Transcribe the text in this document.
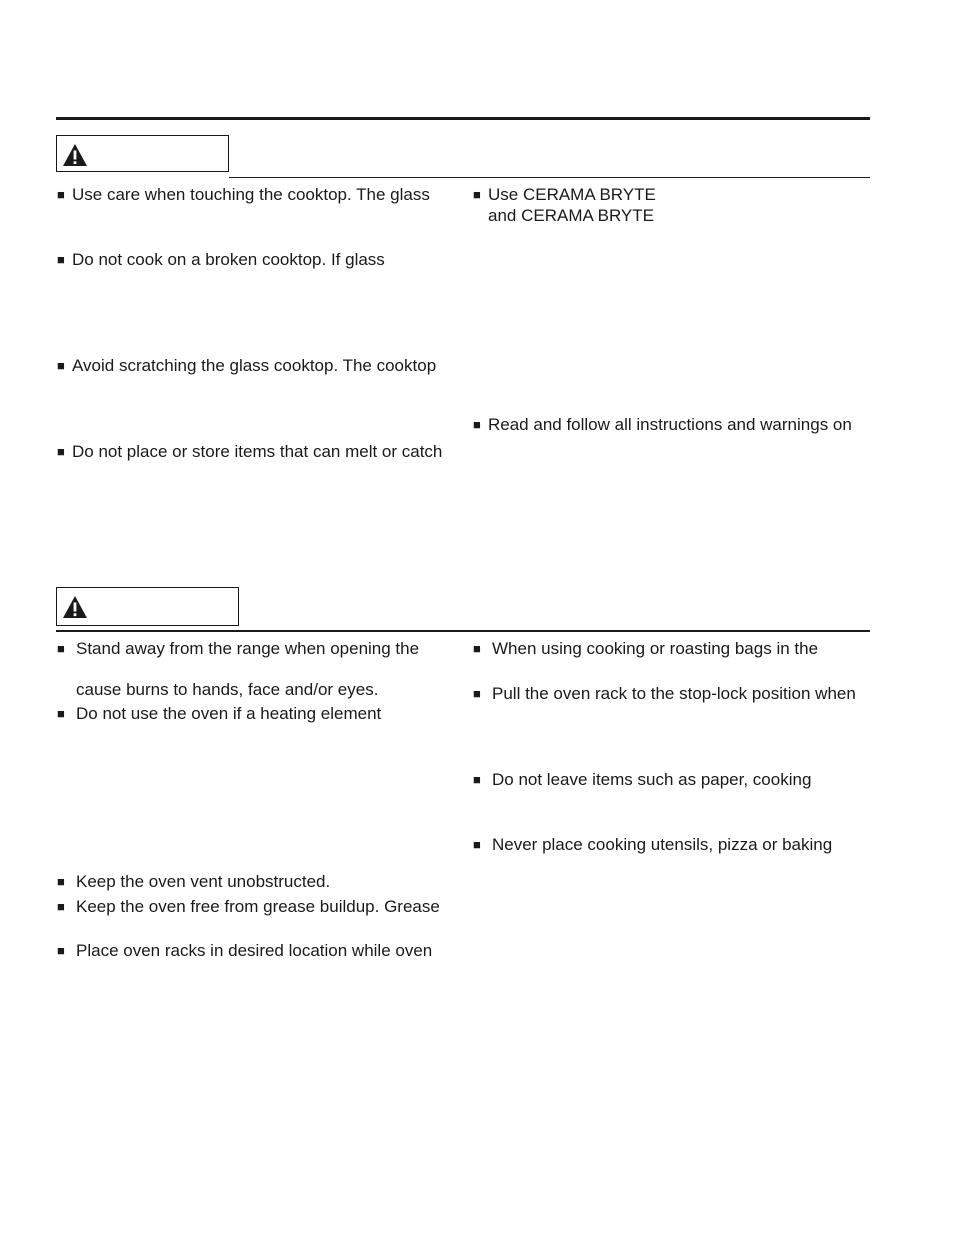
■ Use care when touching the cooktop. The glass
■ Do not cook on a broken cooktop. If glass
■ Avoid scratching the glass cooktop. The cooktop
■ Do not place or store items that can melt or catch
■ Use CERAMA BRYTE
and CERAMA BRYTE
■ Read and follow all instructions and warnings on
■ Stand away from the range when opening the
cause burns to hands, face and/or eyes.
■ Do not use the oven if a heating element
■ Keep the oven vent unobstructed.
■ Keep the oven free from grease buildup. Grease
■ Place oven racks in desired location while oven
■ When using cooking or roasting bags in the
■ Pull the oven rack to the stop-lock position when
■ Do not leave items such as paper, cooking
■ Never place cooking utensils, pizza or baking
